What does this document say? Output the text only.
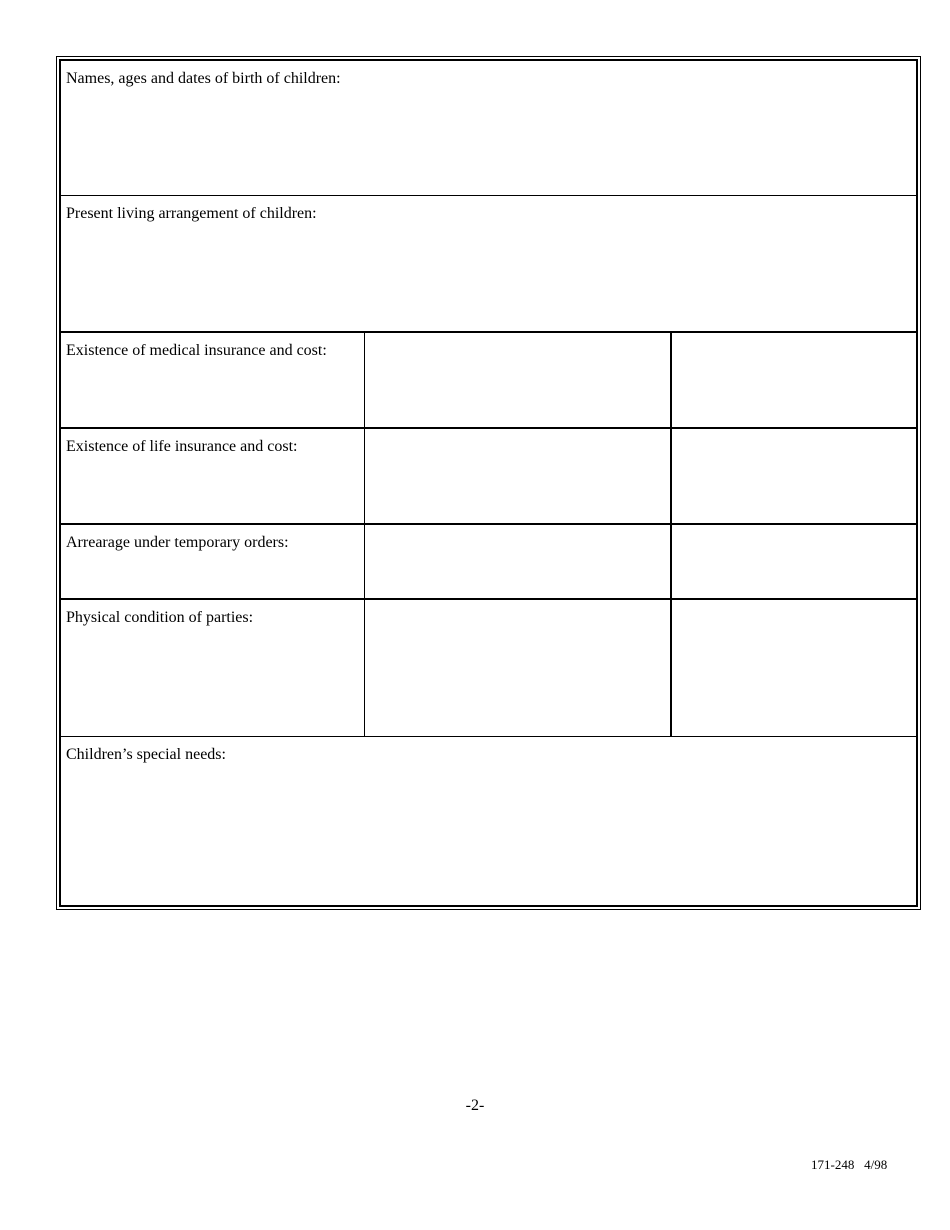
Names, ages and dates of birth of children:
Present living arrangement of children:
Existence of medical insurance and cost:
Existence of life insurance and cost:
Arrearage under temporary orders:
Physical condition of parties:
Children’s special needs:
-2-
171-248   4/98
